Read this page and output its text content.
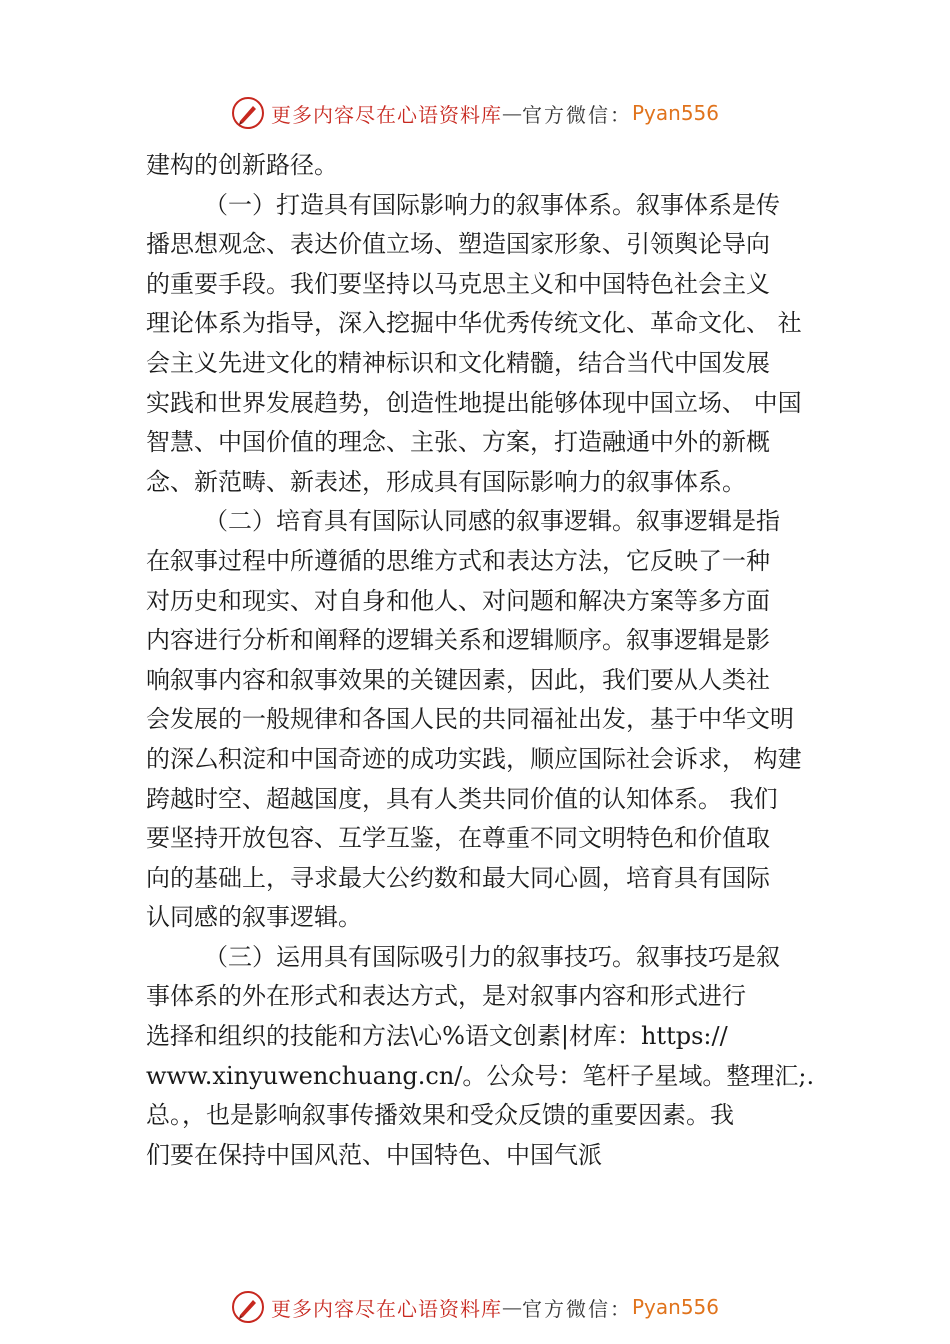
更多内容尽在心语资料库 — 官方微信： Pyan556
建构的创新路径。
（一）打造具有国际影响力的叙事体系。叙事体系是传
播思想观念、表达价值立场、塑造国家形象、引领舆论导向
的重要手段。我们要坚持以马克思主义和中国特色社会主义
理论体系为指导，深入挖掘中华优秀传统文化、革命文化、 社
会主义先进文化的精神标识和文化精髓，结合当代中国发展
实践和世界发展趋势，创造性地提出能够体现中国立场、 中国
智慧、中国价值的理念、主张、方案，打造融通中外的新概
念、新范畴、新表述，形成具有国际影响力的叙事体系。
（二）培育具有国际认同感的叙事逻辑。叙事逻辑是指
在叙事过程中所遵循的思维方式和表达方法，它反映了一种
对历史和现实、对自身和他人、对问题和解决方案等多方面
内容进行分析和阐释的逻辑关系和逻辑顺序。叙事逻辑是影
响叙事内容和叙事效果的关键因素，因此，我们要从人类社
会发展的一般规律和各国人民的共同福祉出发，基于中华文明
的深厶积淀和中国奇迹的成功实践，顺应国际社会诉求， 构建
跨越时空、超越国度，具有人类共同价值的认知体系。 我们
要坚持开放包容、互学互鉴，在尊重不同文明特色和价值取
向的基础上，寻求最大公约数和最大同心圆，培育具有国际
认同感的叙事逻辑。
（三）运用具有国际吸引力的叙事技巧。叙事技巧是叙
事体系的外在形式和表达方式，是对叙事内容和形式进行
选择和组织的技能和方法\心%语文创素|材库：https://
www.xinyuwenchuang.cn/。公众号：笔杆子星域。整理汇;.
总。，也是影响叙事传播效果和受众反馈的重要因素。我
们要在保持中国风范、中国特色、中国气派
更多内容尽在心语资料库 — 官方微信： Pyan556
